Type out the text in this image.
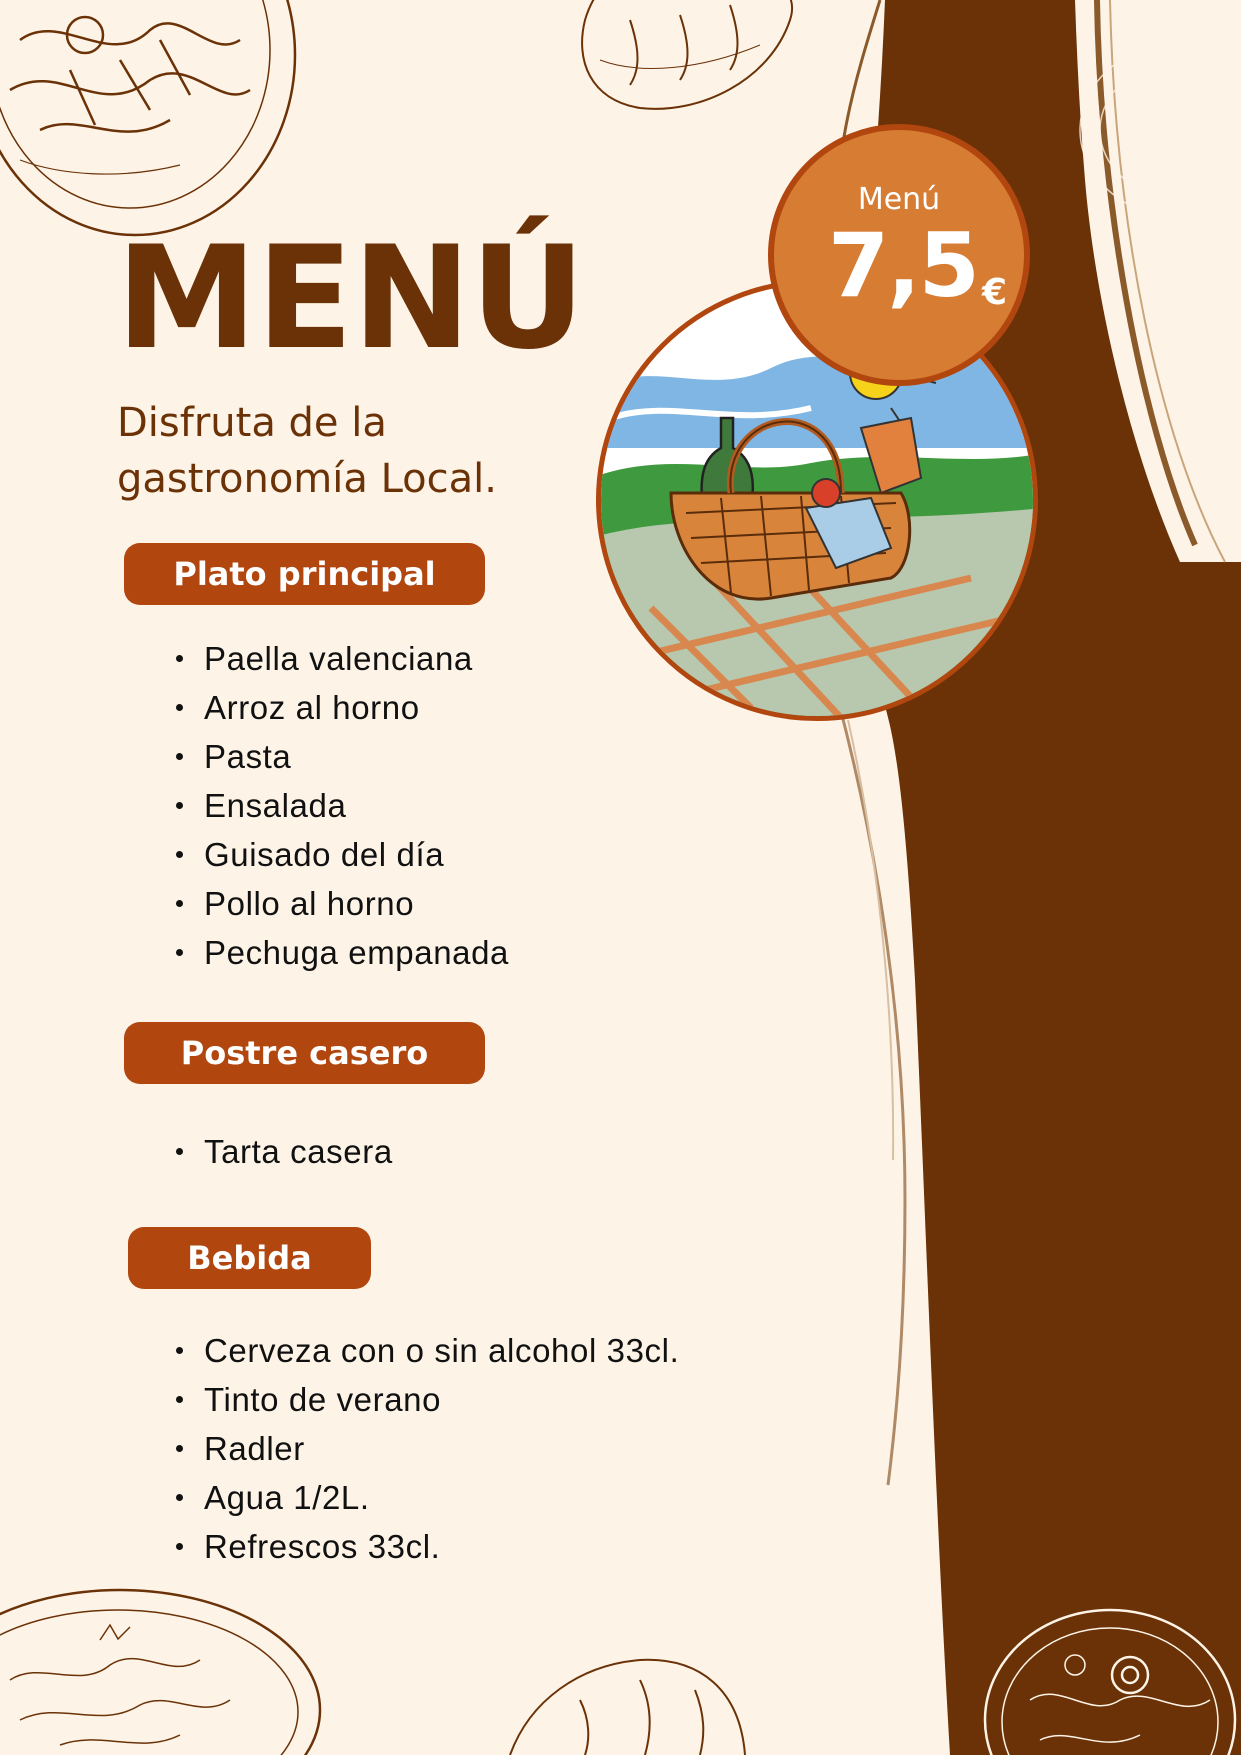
MENÚ

Disfruta de la gastronomía Local.

Menú
7,5 €
Plato principal
Paella valenciana
Arroz al horno
Pasta
Ensalada
Guisado del día
Pollo al horno
Pechuga empanada
Postre casero
Tarta casera
Bebida
Cerveza con o sin alcohol 33cl.
Tinto de verano
Radler
Agua 1/2L.
Refrescos 33cl.
